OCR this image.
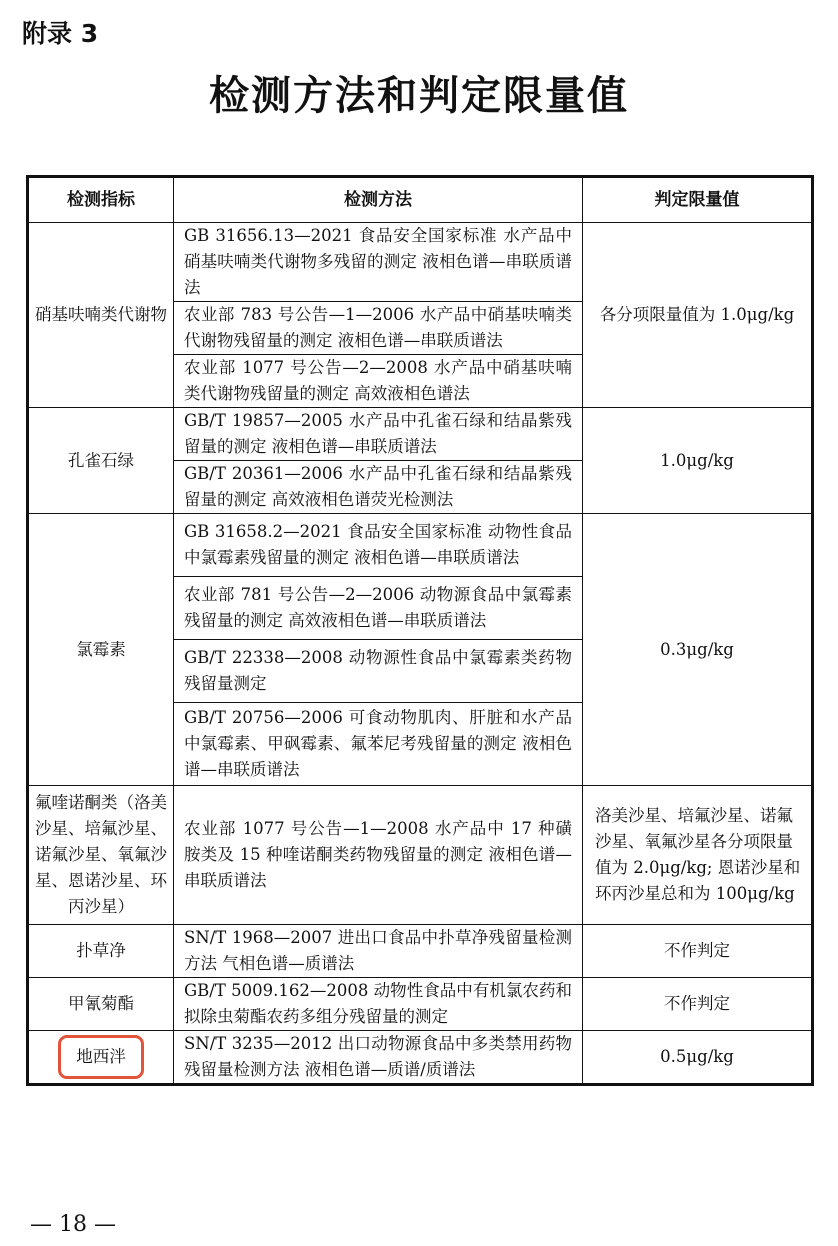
附录 3
检测方法和判定限量值
检测指标	检测方法	判定限量值
硝基呋喃类代谢物	GB 31656.13—2021 食品安全国家标准 水产品中硝基呋喃类代谢物多残留的测定 液相色谱—串联质谱法	各分项限量值为 1.0μg/kg
	农业部 783 号公告—1—2006 水产品中硝基呋喃类代谢物残留量的测定 液相色谱—串联质谱法	
	农业部 1077 号公告—2—2008 水产品中硝基呋喃类代谢物残留量的测定 高效液相色谱法	
孔雀石绿	GB/T 19857—2005 水产品中孔雀石绿和结晶紫残留量的测定 液相色谱—串联质谱法	1.0μg/kg
	GB/T 20361—2006 水产品中孔雀石绿和结晶紫残留量的测定 高效液相色谱荧光检测法	
氯霉素	GB 31658.2—2021 食品安全国家标准 动物性食品中氯霉素残留量的测定 液相色谱—串联质谱法	0.3μg/kg
	农业部 781 号公告—2—2006 动物源食品中氯霉素残留量的测定 高效液相色谱—串联质谱法	
	GB/T 22338—2008 动物源性食品中氯霉素类药物残留量测定	
	GB/T 20756—2006 可食动物肌肉、肝脏和水产品中氯霉素、甲砜霉素、氟苯尼考残留量的测定 液相色谱—串联质谱法	
氟喹诺酮类（洛美沙星、培氟沙星、诺氟沙星、氧氟沙星、恩诺沙星、环丙沙星）	农业部 1077 号公告—1—2008 水产品中 17 种磺胺类及 15 种喹诺酮类药物残留量的测定 液相色谱—串联质谱法	洛美沙星、培氟沙星、诺氟沙星、氧氟沙星各分项限量值为 2.0μg/kg; 恩诺沙星和环丙沙星总和为 100μg/kg
扑草净	SN/T 1968—2007 进出口食品中扑草净残留量检测方法 气相色谱—质谱法	不作判定
甲氰菊酯	GB/T 5009.162—2008 动物性食品中有机氯农药和拟除虫菊酯农药多组分残留量的测定	不作判定
地西泮	SN/T 3235—2012 出口动物源食品中多类禁用药物残留量检测方法 液相色谱—质谱/质谱法	0.5μg/kg
— 18 —
